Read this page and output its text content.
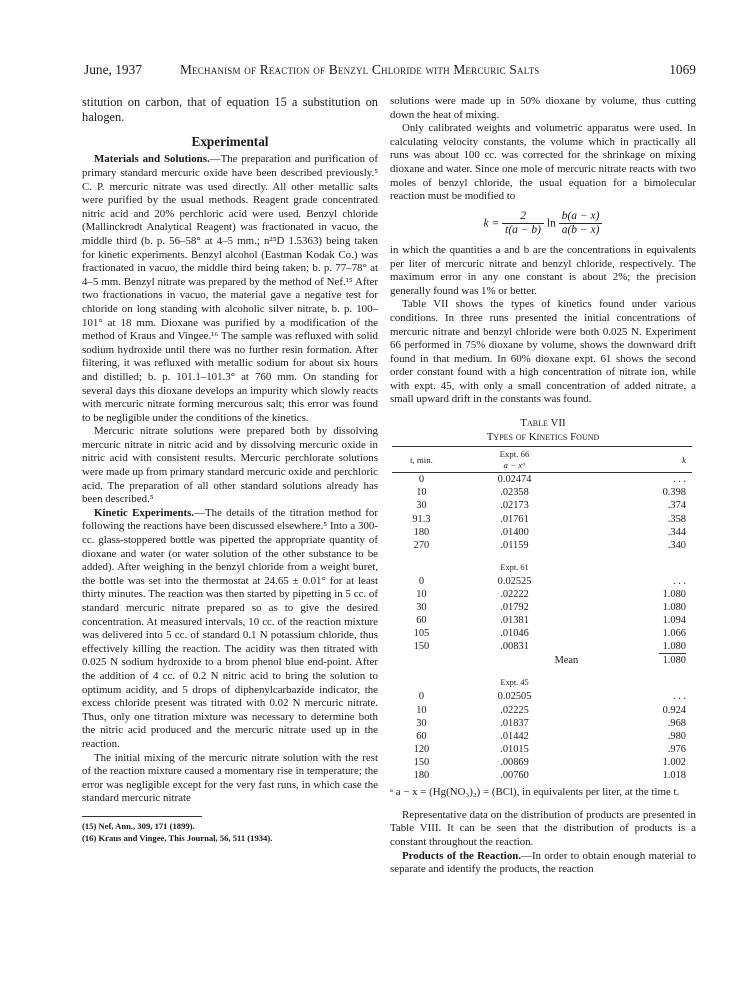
June, 1937	Mechanism of Reaction of Benzyl Chloride with Mercuric Salts	1069

stitution on carbon, that of equation 15 a substitution on halogen.

Experimental

Materials and Solutions.—The preparation and purification of primary standard mercuric oxide have been described previously.⁵ C. P. mercuric nitrate was used directly. All other metallic salts were purified by the usual methods. Reagent grade concentrated nitric acid and 20% perchloric acid were used. Benzyl chloride (Mallinckrodt Analytical Reagent) was fractionated in vacuo, the middle third (b. p. 56–58° at 4–5 mm.; n²⁵D 1.5363) being taken for kinetic experiments. Benzyl alcohol (Eastman Kodak Co.) was fractionated in vacuo, the middle third being taken; b. p. 77–78° at 4–5 mm. Benzyl nitrate was prepared by the method of Nef.¹⁵ After two fractionations in vacuo, the material gave a negative test for chloride on long standing with alcoholic silver nitrate, b. p. 100–101° at 18 mm. Dioxane was purified by a modification of the method of Kraus and Vingee.¹⁶ The sample was refluxed with solid sodium hydroxide until there was no further resin formation. After filtering, it was refluxed with metallic sodium for about six hours and distilled; b. p. 101.1–101.3° at 760 mm. On standing for several days this dioxane develops an impurity which slowly reacts with mercuric nitrate forming mercurous salt; this error was found to be negligible under the conditions of the kinetics.

Mercuric nitrate solutions were prepared both by dissolving mercuric nitrate in nitric acid and by dissolving mercuric oxide in nitric acid with consistent results. Mercuric perchlorate solutions were made up from primary standard mercuric oxide and perchloric acid. The preparation of all other standard solutions already has been described.⁵

Kinetic Experiments.—The details of the titration method for following the reactions have been discussed elsewhere.⁵ Into a 300-cc. glass-stoppered bottle was pipetted the appropriate quantity of dioxane and water (or water solution of the other substance to be added). After weighing in the benzyl chloride from a weight buret, the bottle was set into the thermostat at 24.65 ± 0.01° for at least thirty minutes. The reaction was then started by pipetting in 5 cc. of standard mercuric nitrate prepared so as to give the desired concentration. At measured intervals, 10 cc. of the reaction mixture was delivered into 5 cc. of standard 0.1 N potassium chloride, thus effectively killing the reaction. The acidity was then titrated with 0.025 N sodium hydroxide to a brom phenol blue end-point. After the addition of 4 cc. of 0.2 N nitric acid to bring the solution to optimum acidity, and 5 drops of diphenylcarbazide indicator, the excess chloride present was titrated with 0.02 N mercuric nitrate. Thus, only one titration mixture was necessary to determine both the nitric acid produced and the mercuric nitrate used up in the reaction.

The initial mixing of the mercuric nitrate solution with the rest of the reaction mixture caused a momentary rise in temperature; the error was negligible except for the very fast runs, in which case the standard mercuric nitrate

(15) Nef, Ann., 309, 171 (1899).
(16) Kraus and Vingee, This Journal, 56, 511 (1934).

solutions were made up in 50% dioxane by volume, thus cutting down the heat of mixing.

Only calibrated weights and volumetric apparatus were used. In calculating velocity constants, the volume which in practically all runs was about 100 cc. was corrected for the shrinkage on mixing dioxane and water. Since one mole of mercuric nitrate reacts with two moles of benzyl chloride, the usual equation for a bimolecular reaction must be modified to

$k = \frac{2}{t(a - b)}$ $\ln \frac{b(a - x)}{a(b - x)}$

in which the quantities a and b are the concentrations in equivalents per liter of mercuric nitrate and benzyl chloride, respectively. The maximum error in any one constant is about 2%; the precision generally found was 1% or better.

Table VII shows the types of kinetics found under various conditions. In three runs presented the initial concentrations of mercuric nitrate and benzyl chloride were both 0.025 N. Experiment 66 performed in 75% dioxane by volume, shows the downward drift found in that medium. In 60% dioxane expt. 61 shows the second order constant found with a high concentration of nitrate ion, while with expt. 45, with only a small concentration of added nitrate, a small upward drift in the constants was found.

Table VII
Types of Kinetics Found
t, min.	Expt. 66
a − xᵃ	k
0	0.02474	. . .
10	.02358	0.398
30	.02173	.374
91.3	.01761	.358
180	.01400	.344
270	.01159	.340

	Expt. 61	
0	0.02525	. . .
10	.02222	1.080
30	.01792	1.080
60	.01381	1.094
105	.01046	1.066
150	.00831	1.080
	Mean	1.080

	Expt. 45	
0	0.02505	. . .
10	.02225	0.924
30	.01837	.968
60	.01442	.980
120	.01015	.976
150	.00869	1.002
180	.00760	1.018
ᵃ a − x = (Hg(NO₃)₂) = (BCl), in equivalents per liter, at the time t.

Representative data on the distribution of products are presented in Table VIII. It can be seen that the distribution of products is a constant throughout the reaction.

Products of the Reaction.—In order to obtain enough material to separate and identify the products, the reaction
